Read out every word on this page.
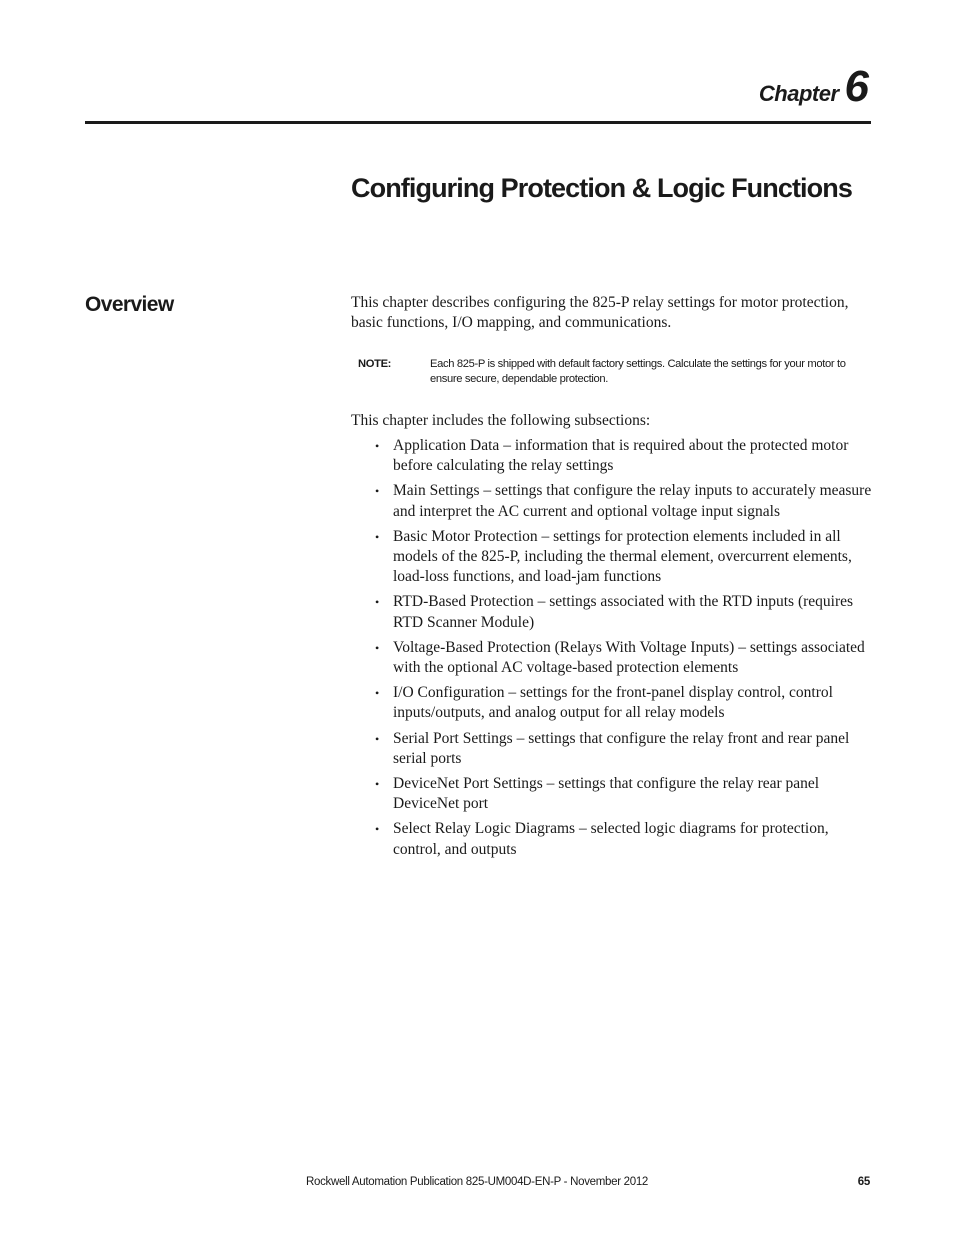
Chapter 6
Configuring Protection & Logic Functions
Overview	This chapter describes configuring the 825-P relay settings for motor protection, basic functions, I/O mapping, and communications.

NOTE:	Each 825-P is shipped with default factory settings. Calculate the settings for your motor to ensure secure, dependable protection.

This chapter includes the following subsections:

• Application Data – information that is required about the protected motor before calculating the relay settings
• Main Settings – settings that configure the relay inputs to accurately measure and interpret the AC current and optional voltage input signals
• Basic Motor Protection – settings for protection elements included in all models of the 825-P, including the thermal element, overcurrent elements, load-loss functions, and load-jam functions
• RTD-Based Protection – settings associated with the RTD inputs (requires RTD Scanner Module)
• Voltage-Based Protection (Relays With Voltage Inputs) – settings associated with the optional AC voltage-based protection elements
• I/O Configuration – settings for the front-panel display control, control inputs/outputs, and analog output for all relay models
• Serial Port Settings – settings that configure the relay front and rear panel serial ports
• DeviceNet Port Settings – settings that configure the relay rear panel DeviceNet port
• Select Relay Logic Diagrams – selected logic diagrams for protection, control, and outputs
Rockwell Automation Publication 825-UM004D-EN-P - November 2012	65
